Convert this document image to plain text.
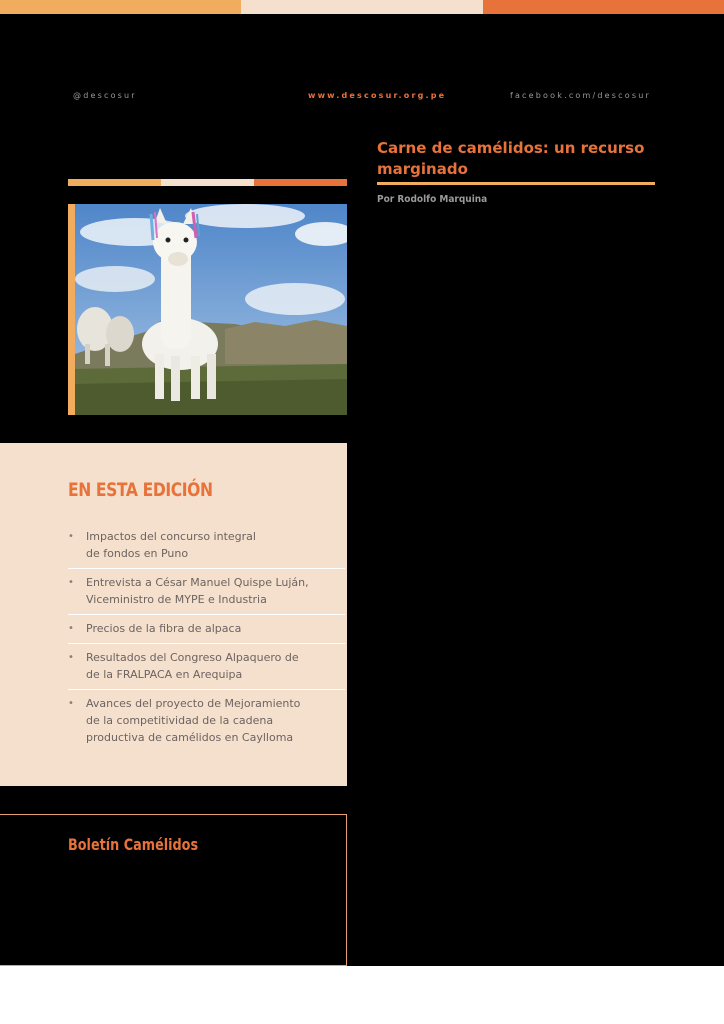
@descosur	www.descosur.org.pe	facebook.com/descosur
Carne de camélidos: un recurso marginado
Por Rodolfo Marquina
EN ESTA EDICIÓN
• Impactos del concurso integral
de fondos en Puno
• Entrevista a César Manuel Quispe Luján,
Viceministro de MYPE e Industria
• Precios de la fibra de alpaca
• Resultados del Congreso Alpaquero de
de la FRALPACA en Arequipa
• Avances del proyecto de Mejoramiento
de la competitividad de la cadena
productiva de camélidos en Caylloma
Boletín Camélidos
